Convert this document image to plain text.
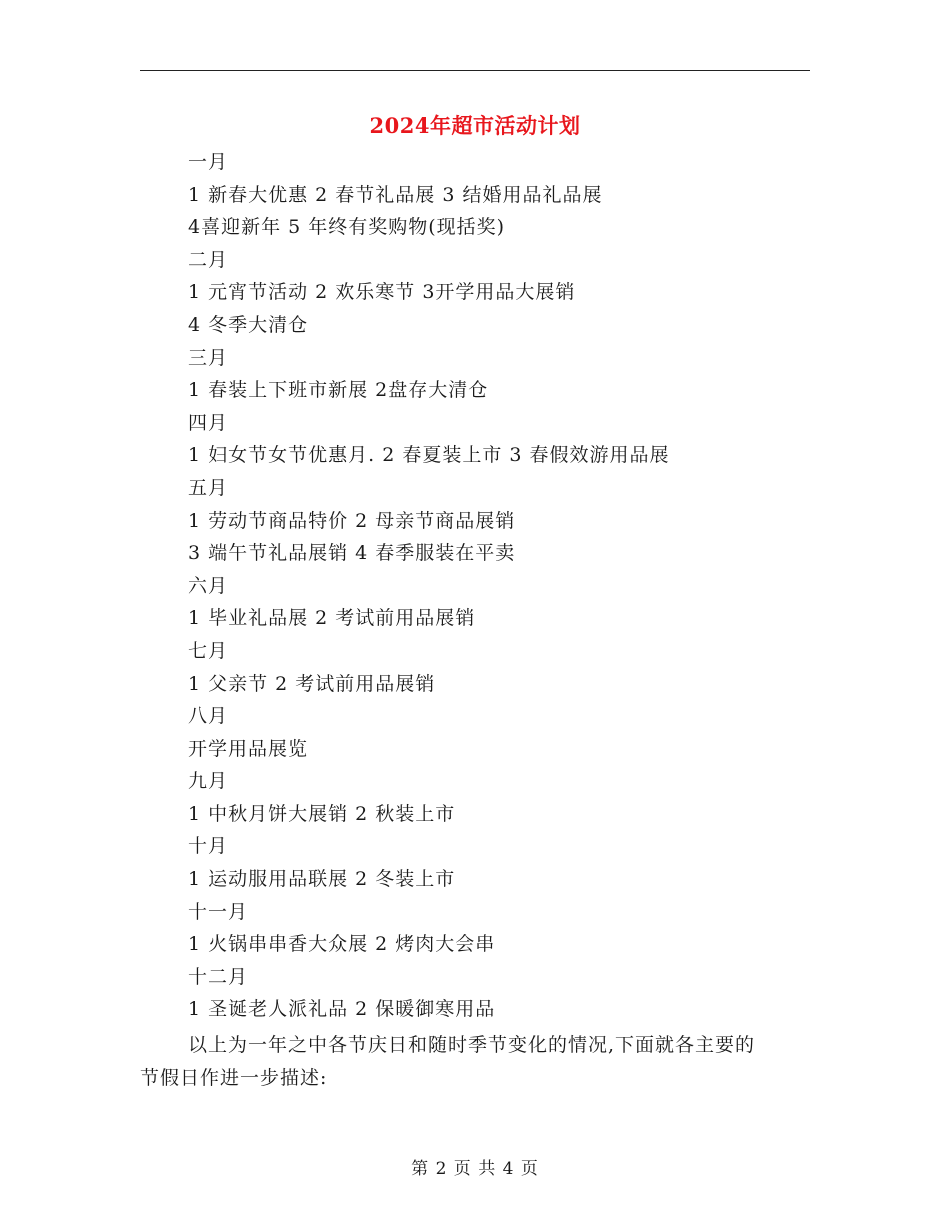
2024年超市活动计划
一月
1 新春大优惠 2 春节礼品展 3 结婚用品礼品展
4喜迎新年 5 年终有奖购物(现括奖)
二月
1 元宵节活动 2 欢乐寒节 3开学用品大展销
4 冬季大清仓
三月
1 春装上下班市新展 2盘存大清仓
四月
1 妇女节女节优惠月. 2 春夏装上市 3 春假效游用品展
五月
1 劳动节商品特价 2 母亲节商品展销
3 端午节礼品展销 4 春季服装在平卖
六月
1 毕业礼品展 2 考试前用品展销
七月
1 父亲节 2 考试前用品展销
八月
开学用品展览
九月
1 中秋月饼大展销 2 秋装上市
十月
1 运动服用品联展 2 冬装上市
十一月
1 火锅串串香大众展 2 烤肉大会串
十二月
1 圣诞老人派礼品 2 保暖御寒用品
以上为一年之中各节庆日和随时季节变化的情况,下面就各主要的
节假日作进一步描述:
第 2 页 共 4 页
